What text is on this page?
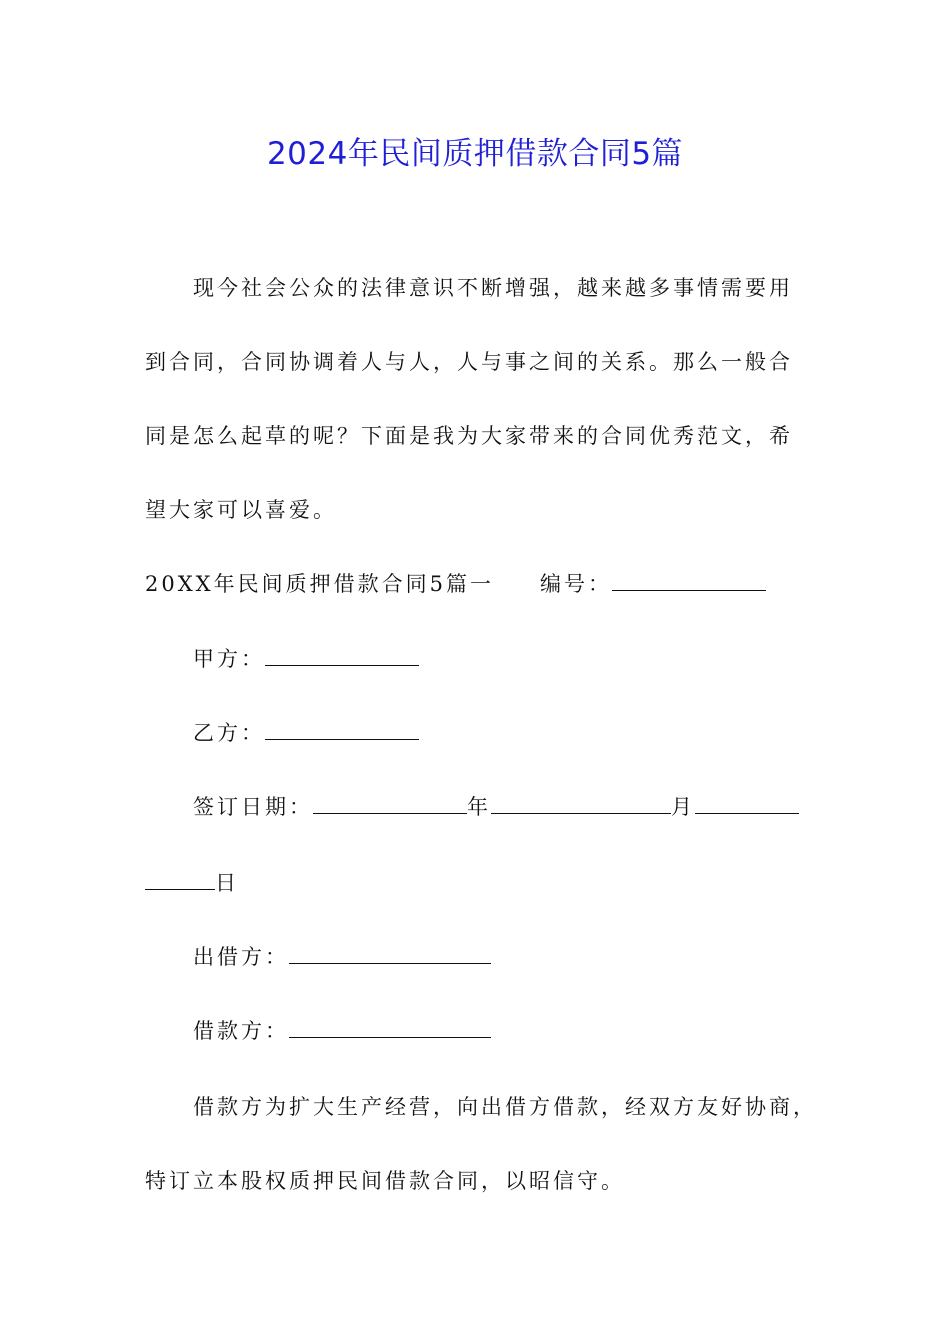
2024年民间质押借款合同5篇
现今社会公众的法律意识不断增强，越来越多事情需要用
到合同，合同协调着人与人，人与事之间的关系。那么一般合
同是怎么起草的呢？下面是我为大家带来的合同优秀范文，希
望大家可以喜爱。
20XX年民间质押借款合同5篇一 编号：
甲方：
乙方：
签订日期：	年	月
日
出借方：
借款方：
借款方为扩大生产经营，向出借方借款，经双方友好协商，
特订立本股权质押民间借款合同，以昭信守。
